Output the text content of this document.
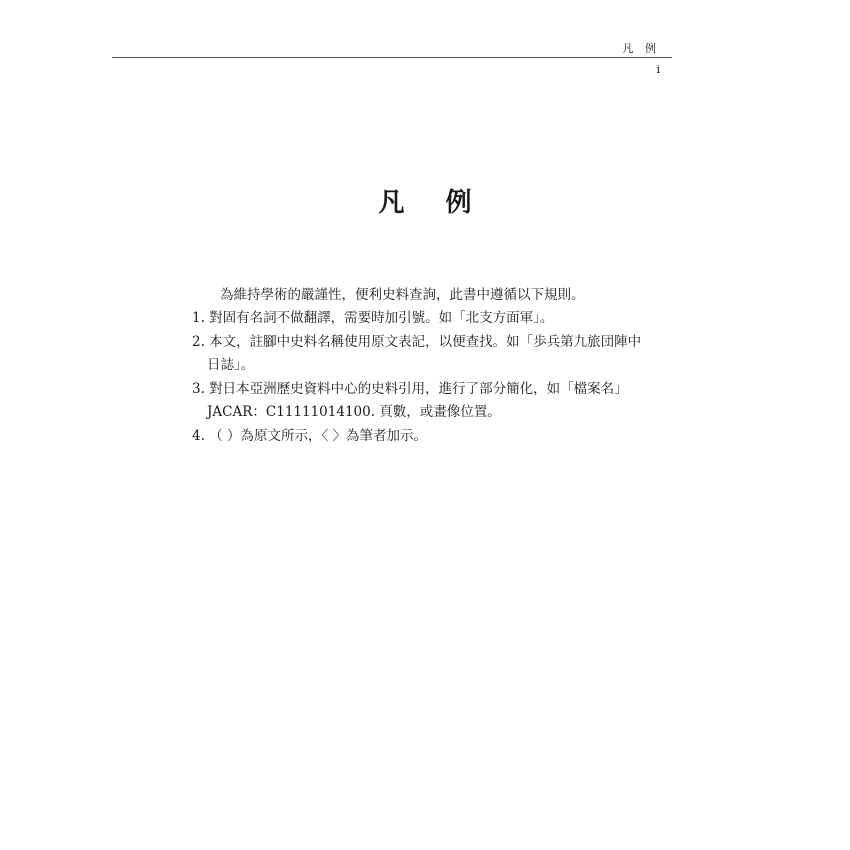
凡 例
i
凡 例
為維持學術的嚴謹性，便利史料查詢，此書中遵循以下規則。
1. 對固有名詞不做翻譯，需要時加引號。如「北支方面軍」。
2. 本文，註腳中史料名稱使用原文表記，以便查找。如「歩兵第九旅団陣中
日誌」。
3. 對日本亞洲歷史資料中心的史料引用，進行了部分簡化，如「檔案名」
JACAR：C11111014100. 頁數，或畫像位置。
4. （ ）為原文所示，〈 〉為筆者加示。
